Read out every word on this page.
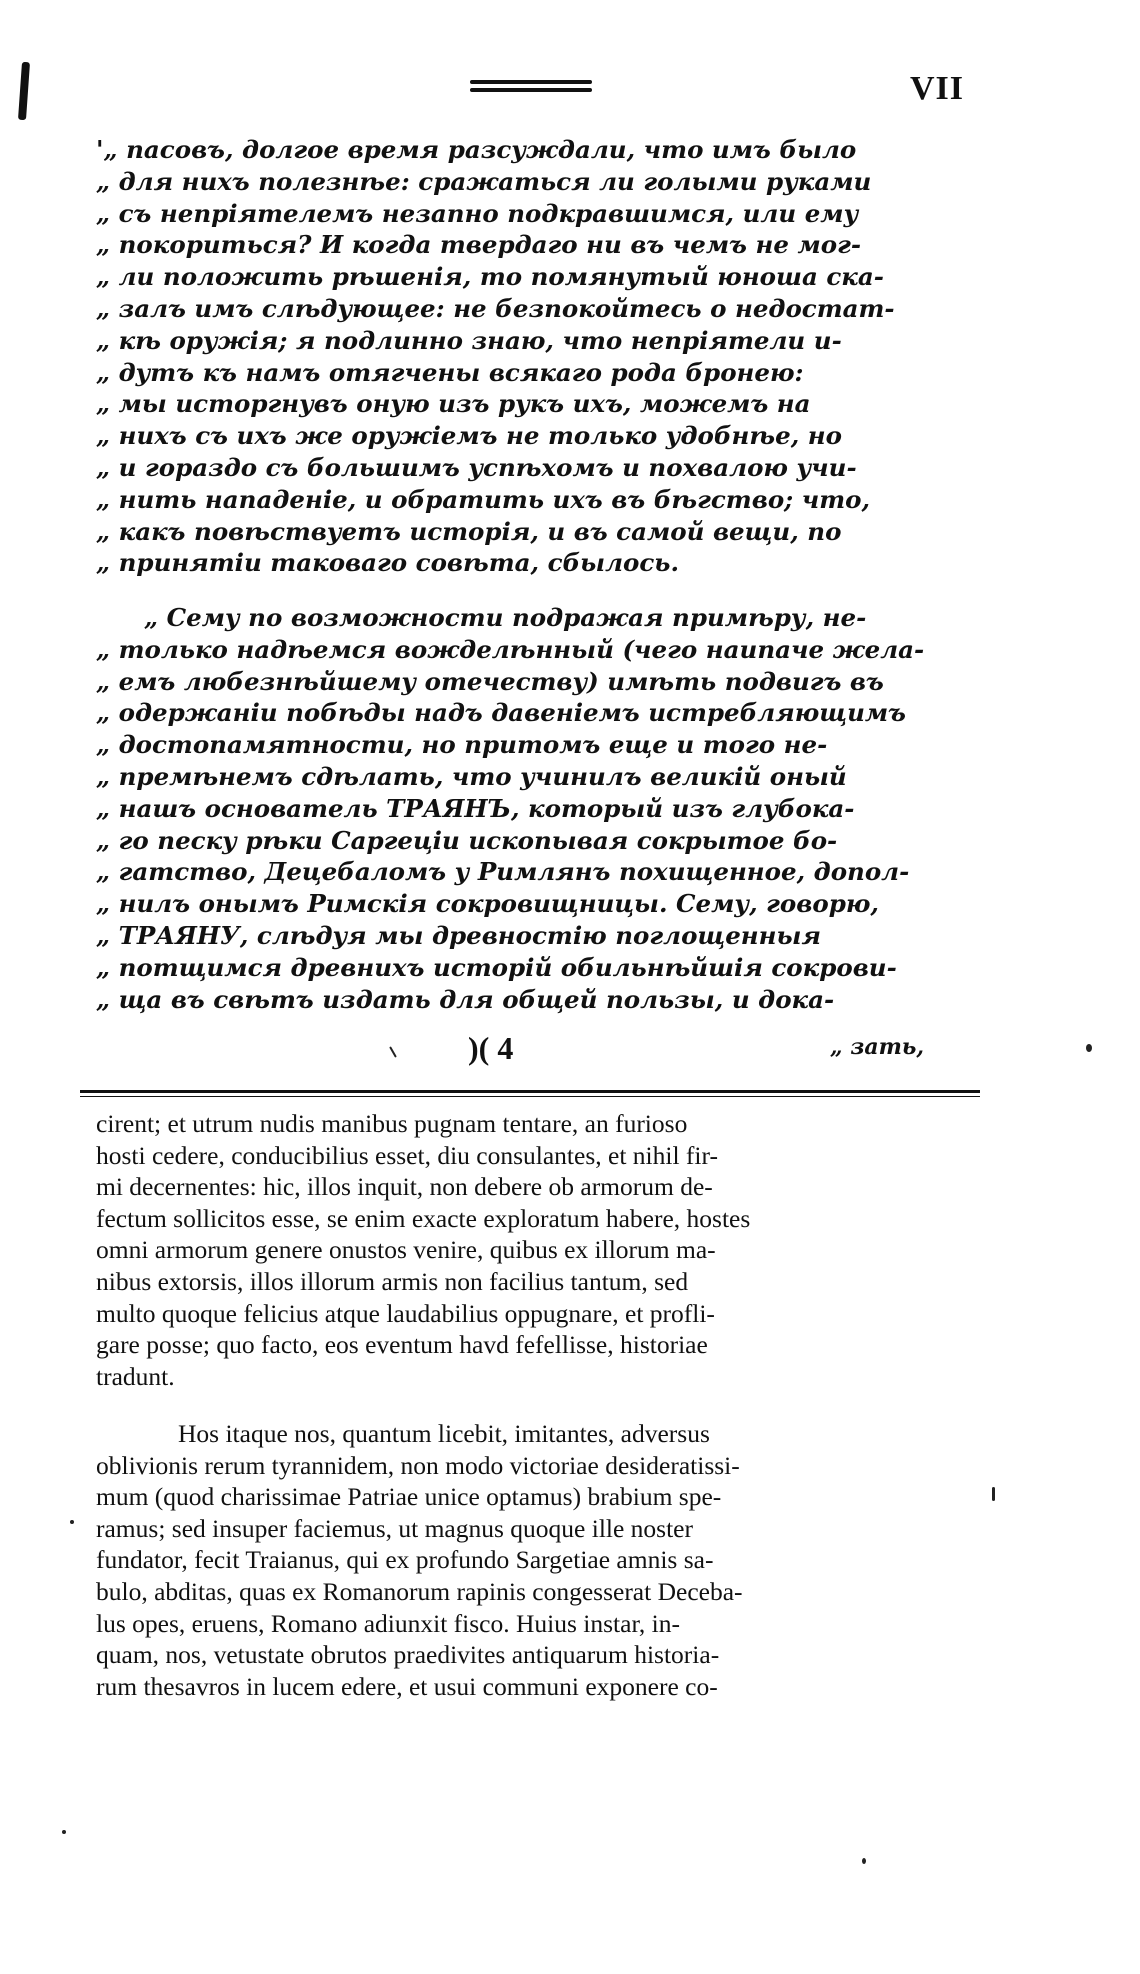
VII
'„ пасовъ, долгое время разсуждали, что имъ было
„ для нихъ полезнѣе: сражаться ли голыми руками
„ съ непріятелемъ незапно подкравшимся, или ему
„ покориться? И когда твердаго ни въ чемъ не мог-
„ ли положить рѣшенія, то помянутый юноша ска-
„ залъ имъ слѣдующее: не безпокойтесь о недостат-
„ кѣ оружія; я подлинно знаю, что непріятели и-
„ дутъ къ намъ отягчены всякаго рода бронею:
„ мы исторгнувъ оную изъ рукъ ихъ, можемъ на
„ нихъ съ ихъ же оружіемъ не только удобнѣе, но
„ и гораздо съ большимъ успѣхомъ и похвалою учи-
„ нить нападеніе, и обратить ихъ въ бѣгство; что,
„ какъ повѣствуетъ исторія, и въ самой вещи, по
„ принятіи таковаго совѣта, сбылось.
„ Сему по возможности подражая примѣру, не-
„ только надѣемся вожделѣнный (чего наипаче жела-
„ емъ любезнѣйшему отечеству) имѣть подвигъ въ
„ одержаніи побѣды надъ давеніемъ истребляющимъ
„ достопамятности, но притомъ еще и того не-
„ премѣнемъ сдѣлать, что учинилъ великій оный
„ нашъ основатель ТРАЯНЪ, который изъ глубока-
„ го песку рѣки Саргеціи ископывая сокрытое бо-
„ гатство, Децебаломъ у Римлянъ похищенное, допол-
„ нилъ онымъ Римскія сокровищницы. Сему, говорю,
„ ТРАЯНУ, слѣдуя мы древностію поглощенныя
„ потщимся древнихъ исторій обильнѣйшія сокрови-
„ ща въ свѣтъ издать для общей пользы, и дока-
)( 4	„ зать,
cirent; et utrum nudis manibus pugnam tentare, an furioso
hosti cedere, conducibilius esset, diu consulantes, et nihil fir-
mi decernentes: hic, illos inquit, non debere ob armorum de-
fectum sollicitos esse, se enim exacte exploratum habere, hostes
omni armorum genere onustos venire, quibus ex illorum ma-
nibus extorsis, illos illorum armis non facilius tantum, sed
multo quoque felicius atque laudabilius oppugnare, et profli-
gare posse; quo facto, eos eventum havd fefellisse, historiae
tradunt.
Hos itaque nos, quantum licebit, imitantes, adversus
oblivionis rerum tyrannidem, non modo victoriae desideratissi-
mum (quod charissimae Patriae unice optamus) brabium spe-
ramus; sed insuper faciemus, ut magnus quoque ille noster
fundator, fecit Traianus, qui ex profundo Sargetiae amnis sa-
bulo, abditas, quas ex Romanorum rapinis congesserat Deceba-
lus opes, eruens, Romano adiunxit fisco. Huius instar, in-
quam, nos, vetustate obrutos praedivites antiquarum historia-
rum thesavros in lucem edere, et usui communi exponere co-
